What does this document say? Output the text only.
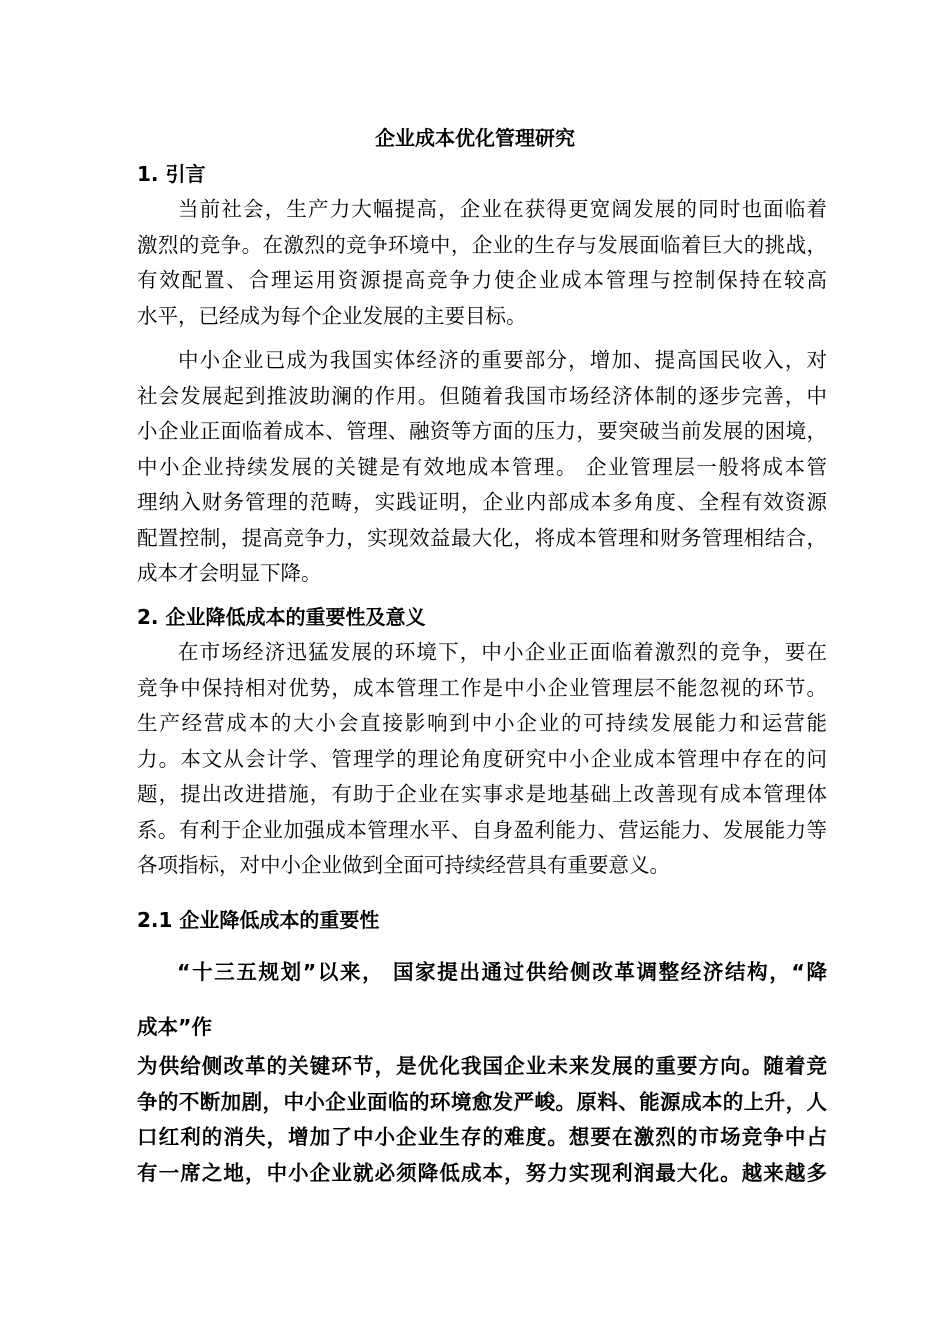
企业成本优化管理研究
1. 引言
当前社会，生产力大幅提高，企业在获得更宽阔发展的同时也面临着
激烈的竞争。在激烈的竞争环境中，企业的生存与发展面临着巨大的挑战，
有效配置、合理运用资源提高竞争力使企业成本管理与控制保持在较高
水平，已经成为每个企业发展的主要目标。
中小企业已成为我国实体经济的重要部分，增加、提高国民收入，对
社会发展起到推波助澜的作用。但随着我国市场经济体制的逐步完善，中
小企业正面临着成本、管理、融资等方面的压力，要突破当前发展的困境，
中小企业持续发展的关键是有效地成本管理。 企业管理层一般将成本管
理纳入财务管理的范畴，实践证明，企业内部成本多角度、全程有效资源
配置控制，提高竞争力，实现效益最大化，将成本管理和财务管理相结合，
成本才会明显下降。
2. 企业降低成本的重要性及意义
在市场经济迅猛发展的环境下，中小企业正面临着激烈的竞争，要在
竞争中保持相对优势，成本管理工作是中小企业管理层不能忽视的环节。
生产经营成本的大小会直接影响到中小企业的可持续发展能力和运营能
力。本文从会计学、管理学的理论角度研究中小企业成本管理中存在的问
题，提出改进措施，有助于企业在实事求是地基础上改善现有成本管理体
系。有利于企业加强成本管理水平、自身盈利能力、营运能力、发展能力等
各项指标，对中小企业做到全面可持续经营具有重要意义。
2.1 企业降低成本的重要性
“十三五规划”以来， 国家提出通过供给侧改革调整经济结构，“降
成本”作
为供给侧改革的关键环节，是优化我国企业未来发展的重要方向。随着竞
争的不断加剧，中小企业面临的环境愈发严峻。原料、能源成本的上升，人
口红利的消失，增加了中小企业生存的难度。想要在激烈的市场竞争中占
有一席之地，中小企业就必须降低成本，努力实现利润最大化。越来越多
